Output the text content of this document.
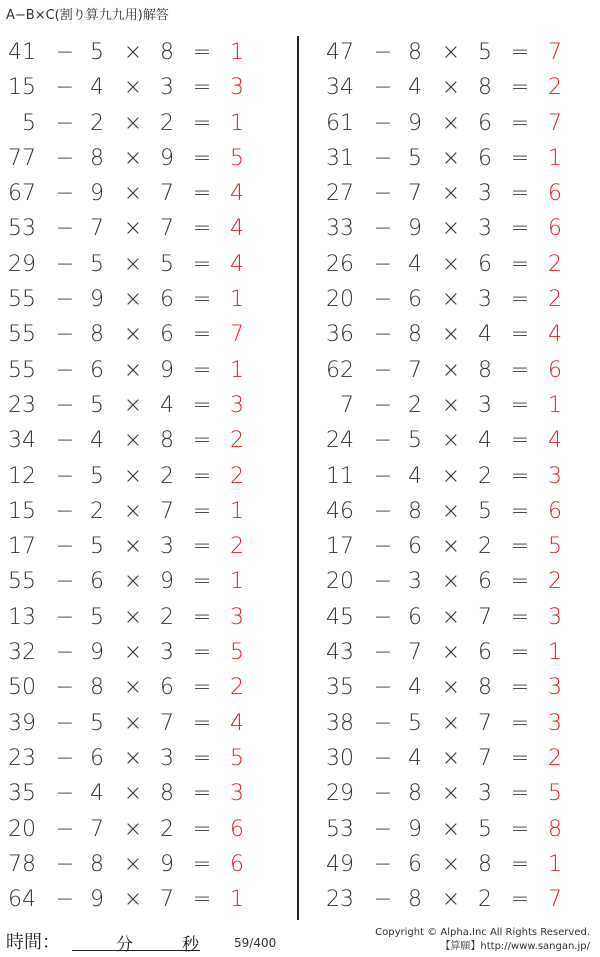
A−B×C(割り算九九用)解答
41 − 5 × 8 = 1
15 − 4 × 3 = 3
5 − 2 × 2 = 1
77 − 8 × 9 = 5
67 − 9 × 7 = 4
53 − 7 × 7 = 4
29 − 5 × 5 = 4
55 − 9 × 6 = 1
55 − 8 × 6 = 7
55 − 6 × 9 = 1
23 − 5 × 4 = 3
34 − 4 × 8 = 2
12 − 5 × 2 = 2
15 − 2 × 7 = 1
17 − 5 × 3 = 2
55 − 6 × 9 = 1
13 − 5 × 2 = 3
32 − 9 × 3 = 5
50 − 8 × 6 = 2
39 − 5 × 7 = 4
23 − 6 × 3 = 5
35 − 4 × 8 = 3
20 − 7 × 2 = 6
78 − 8 × 9 = 6
64 − 9 × 7 = 1
47 − 8 × 5 = 7
34 − 4 × 8 = 2
61 − 9 × 6 = 7
31 − 5 × 6 = 1
27 − 7 × 3 = 6
33 − 9 × 3 = 6
26 − 4 × 6 = 2
20 − 6 × 3 = 2
36 − 8 × 4 = 4
62 − 7 × 8 = 6
7 − 2 × 3 = 1
24 − 5 × 4 = 4
11 − 4 × 2 = 3
46 − 8 × 5 = 6
17 − 6 × 2 = 5
20 − 3 × 6 = 2
45 − 6 × 7 = 3
43 − 7 × 6 = 1
35 − 4 × 8 = 3
38 − 5 × 7 = 3
30 − 4 × 7 = 2
29 − 8 × 3 = 5
53 − 9 × 5 = 8
49 − 6 × 8 = 1
23 − 8 × 2 = 7
時間：	分	秒	59/400
Copyright © Alpha.Inc All Rights Reserved.
【算願】http://www.sangan.jp/
